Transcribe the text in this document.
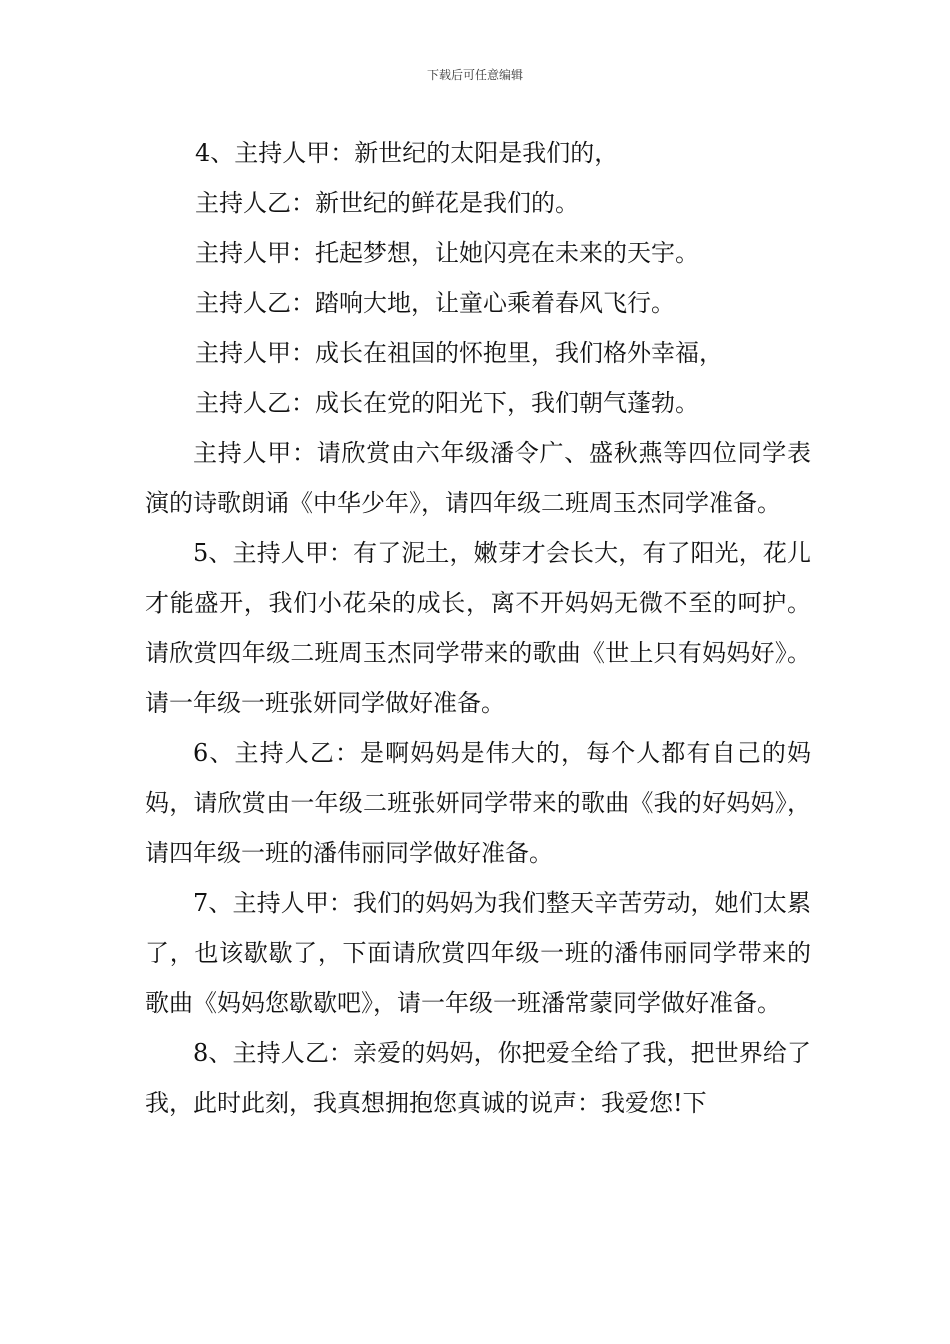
下载后可任意编辑
4、主持人甲：新世纪的太阳是我们的，
主持人乙：新世纪的鲜花是我们的。
主持人甲：托起梦想，让她闪亮在未来的天宇。
主持人乙：踏响大地，让童心乘着春风飞行。
主持人甲：成长在祖国的怀抱里，我们格外幸福，
主持人乙：成长在党的阳光下，我们朝气蓬勃。

主持人甲：请欣赏由六年级潘令广、盛秋燕等四位同学表演的诗歌朗诵《中华少年》，请四年级二班周玉杰同学准备。

5、主持人甲：有了泥土，嫩芽才会长大，有了阳光，花儿才能盛开，我们小花朵的成长，离不开妈妈无微不至的呵护。请欣赏四年级二班周玉杰同学带来的歌曲《世上只有妈妈好》。请一年级一班张妍同学做好准备。

6、主持人乙：是啊妈妈是伟大的，每个人都有自己的妈妈，请欣赏由一年级二班张妍同学带来的歌曲《我的好妈妈》，请四年级一班的潘伟丽同学做好准备。

7、主持人甲：我们的妈妈为我们整天辛苦劳动，她们太累了，也该歇歇了，下面请欣赏四年级一班的潘伟丽同学带来的歌曲《妈妈您歇歇吧》，请一年级一班潘常蒙同学做好准备。

8、主持人乙：亲爱的妈妈，你把爱全给了我，把世界给了我，此时此刻，我真想拥抱您真诚的说声：我爱您!下
